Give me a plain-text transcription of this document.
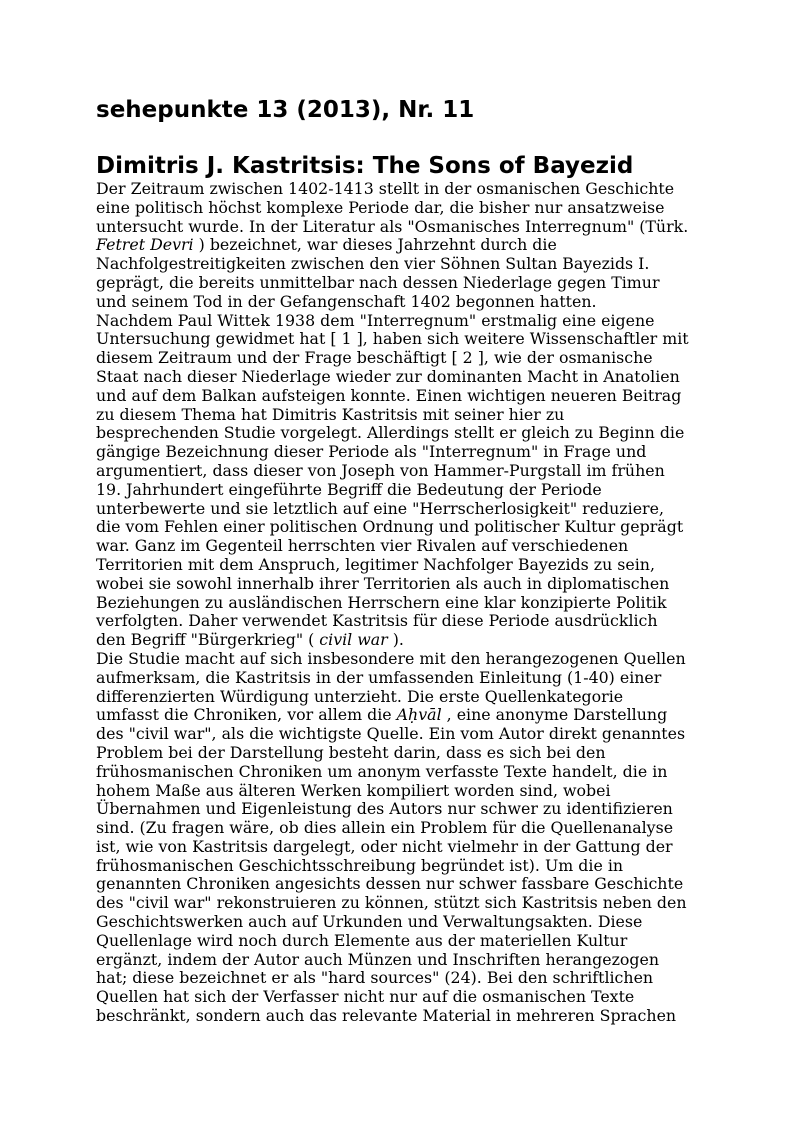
sehepunkte 13 (2013), Nr. 11
Dimitris J. Kastritsis: The Sons of Bayezid
Der Zeitraum zwischen 1402-1413 stellt in der osmanischen Geschichte
eine politisch höchst komplexe Periode dar, die bisher nur ansatzweise
untersucht wurde. In der Literatur als "Osmanisches Interregnum" (Türk.
Fetret Devri ) bezeichnet, war dieses Jahrzehnt durch die
Nachfolgestreitigkeiten zwischen den vier Söhnen Sultan Bayezids I.
geprägt, die bereits unmittelbar nach dessen Niederlage gegen Timur
und seinem Tod in der Gefangenschaft 1402 begonnen hatten.
Nachdem Paul Wittek 1938 dem "Interregnum" erstmalig eine eigene
Untersuchung gewidmet hat [ 1 ], haben sich weitere Wissenschaftler mit
diesem Zeitraum und der Frage beschäftigt [ 2 ], wie der osmanische
Staat nach dieser Niederlage wieder zur dominanten Macht in Anatolien
und auf dem Balkan aufsteigen konnte. Einen wichtigen neueren Beitrag
zu diesem Thema hat Dimitris Kastritsis mit seiner hier zu
besprechenden Studie vorgelegt. Allerdings stellt er gleich zu Beginn die
gängige Bezeichnung dieser Periode als "Interregnum" in Frage und
argumentiert, dass dieser von Joseph von Hammer-Purgstall im frühen
19. Jahrhundert eingeführte Begriff die Bedeutung der Periode
unterbewerte und sie letztlich auf eine "Herrscherlosigkeit" reduziere,
die vom Fehlen einer politischen Ordnung und politischer Kultur geprägt
war. Ganz im Gegenteil herrschten vier Rivalen auf verschiedenen
Territorien mit dem Anspruch, legitimer Nachfolger Bayezids zu sein,
wobei sie sowohl innerhalb ihrer Territorien als auch in diplomatischen
Beziehungen zu ausländischen Herrschern eine klar konzipierte Politik
verfolgten. Daher verwendet Kastritsis für diese Periode ausdrücklich
den Begriff "Bürgerkrieg" ( civil war ).
Die Studie macht auf sich insbesondere mit den herangezogenen Quellen
aufmerksam, die Kastritsis in der umfassenden Einleitung (1-40) einer
differenzierten Würdigung unterzieht. Die erste Quellenkategorie
umfasst die Chroniken, vor allem die Aḥvāl , eine anonyme Darstellung
des "civil war", als die wichtigste Quelle. Ein vom Autor direkt genanntes
Problem bei der Darstellung besteht darin, dass es sich bei den
frühosmanischen Chroniken um anonym verfasste Texte handelt, die in
hohem Maße aus älteren Werken kompiliert worden sind, wobei
Übernahmen und Eigenleistung des Autors nur schwer zu identifizieren
sind. (Zu fragen wäre, ob dies allein ein Problem für die Quellenanalyse
ist, wie von Kastritsis dargelegt, oder nicht vielmehr in der Gattung der
frühosmanischen Geschichtsschreibung begründet ist). Um die in
genannten Chroniken angesichts dessen nur schwer fassbare Geschichte
des "civil war" rekonstruieren zu können, stützt sich Kastritsis neben den
Geschichtswerken auch auf Urkunden und Verwaltungsakten. Diese
Quellenlage wird noch durch Elemente aus der materiellen Kultur
ergänzt, indem der Autor auch Münzen und Inschriften herangezogen
hat; diese bezeichnet er als "hard sources" (24). Bei den schriftlichen
Quellen hat sich der Verfasser nicht nur auf die osmanischen Texte
beschränkt, sondern auch das relevante Material in mehreren Sprachen
